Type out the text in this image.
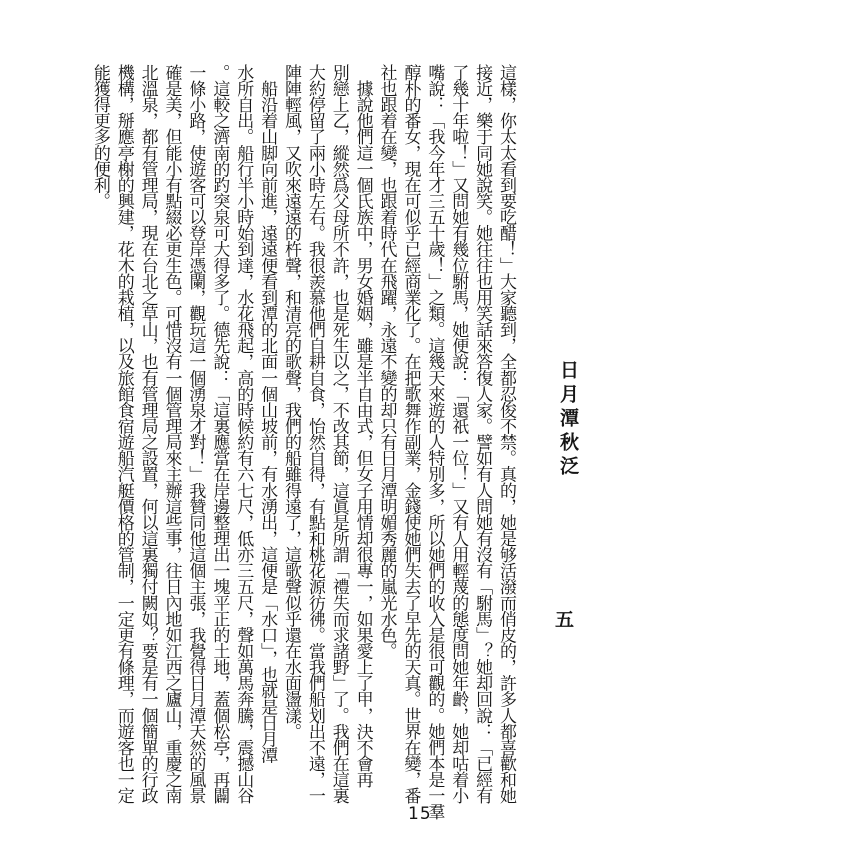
這樣，你太太看到要吃醋！」大家聽到，全都忍俊不禁。真的，她是够活潑而俏皮的，許多人都喜歡和她

接近，樂于同她說笑。她往往也用笑話來答復人家。譬如有人問她有沒有「駙馬」？她却回說：「已經有

了幾十年啦！」又問她有幾位駙馬，她便說：「還祇一位！」又有人用輕蔑的態度問她年齡，她却咕着小

嘴說：「我今年才三五十歲！」之類。這幾天來遊的人特別多，所以她們的收入是很可觀的。她們本是一羣

醇朴的番女，現在可似乎已經商業化了。在把歌舞作副業，金錢使她們失去了早先的天真。世界在變，番

社也跟着在變，也跟着時代在飛躍，永遠不變的却只有日月潭明媚秀麗的嵐光水色。

　據說他們這一個氏族中，男女婚姻，雖是半自由式，但女子用情却很專一，如果愛上了甲，決不會再

別戀上乙，縱然爲父母所不許，也是死生以之，不改其節，這眞是所謂「禮失而求諸野」了。我們在這裏

大約停留了兩小時左右。我很羨慕他們自耕自食，怡然自得，有點和桃花源彷彿。當我們船划出不遠，一

陣陣輕風，又吹來遠遠的杵聲，和清亮的歌聲，我們的船雖得遠了，這歌聲似乎還在水面盪漾。

　船沿着山脚向前進，遠遠便看到潭的北面一個山坡前，有水湧出，這便是「水口」，也就是日月潭

水所自出。船行半小時始到達，水花飛起，高的時候約有六七尺，低亦三五尺，聲如萬馬奔騰，震撼山谷

。這較之濟南的趵突泉可大得多了。德先說：「這裏應當在岸邊整理出一塊平正的土地，蓋個松亭，再闢

一條小路，使遊客可以登岸憑闌，觀玩這一個湧泉才對！」我贊同他這個主張，我覺得日月潭天然的風景

確是美，但能小有點綴必更生色。可惜沒有一個管理局來主辦這些事，往日內地如江西之廬山，重慶之南

北溫泉，都有管理局，現在台北之草山，也有管理局之設置，何以這裏獨付闕如？要是有一個簡單的行政

機構，掰應亭榭的興建，花木的栽植，以及旅館食宿遊船汽艇價格的管制，一定更有條理，而遊客也一定

能獲得更多的便利。

日月潭秋泛

五

15
